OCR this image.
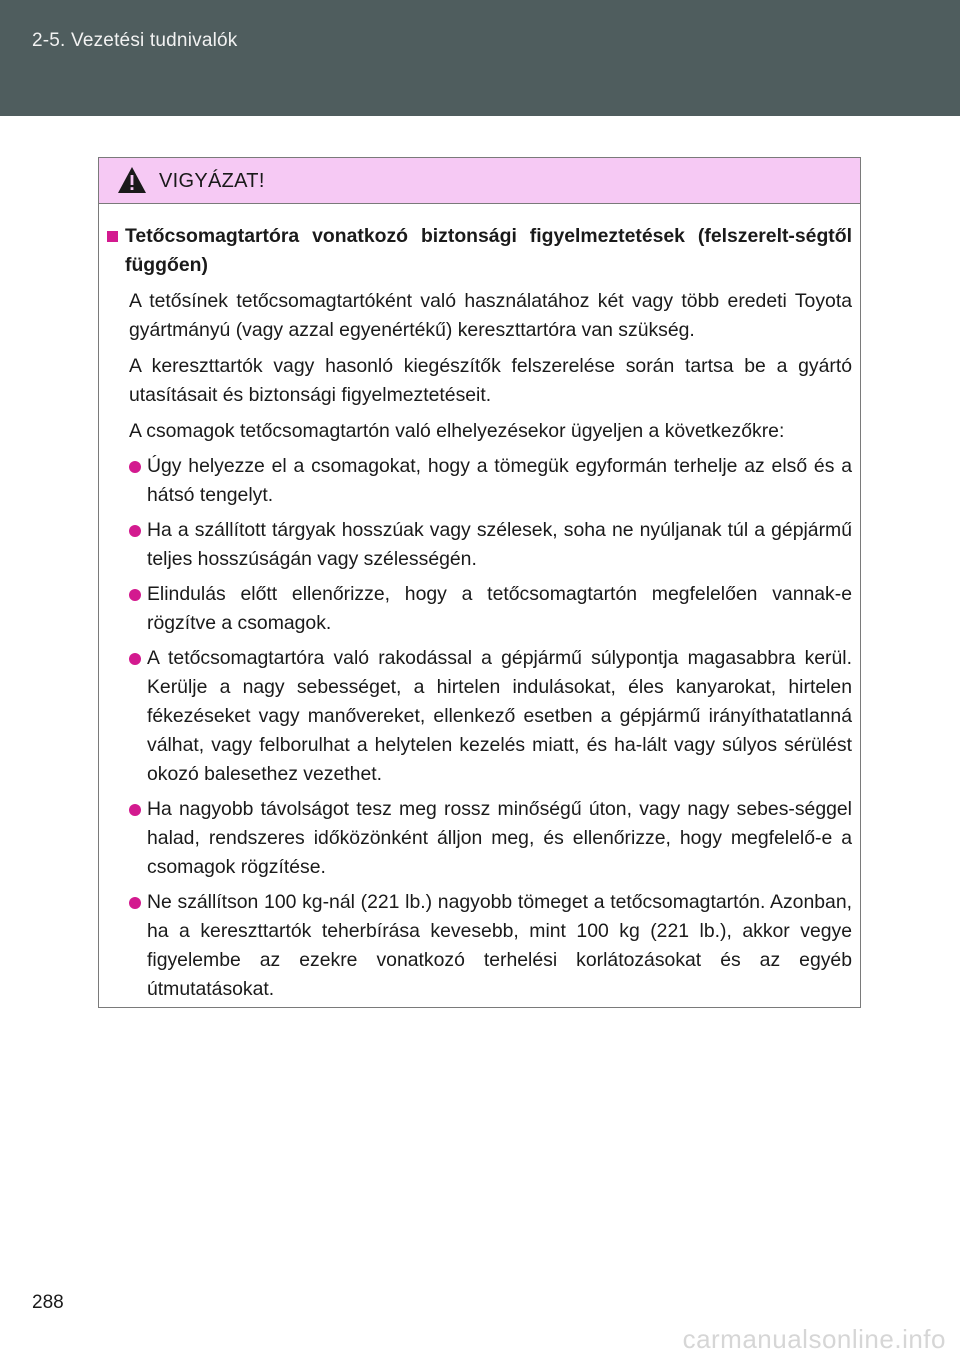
2-5. Vezetési tudnivalók
VIGYÁZAT!
Tetőcsomagtartóra vonatkozó biztonsági figyelmeztetések (felszerelt-ségtől függően)

A tetősínek tetőcsomagtartóként való használatához két vagy több eredeti Toyota gyártmányú (vagy azzal egyenértékű) kereszttartóra van szükség.

A kereszttartók vagy hasonló kiegészítők felszerelése során tartsa be a gyártó utasításait és biztonsági figyelmeztetéseit.

A csomagok tetőcsomagtartón való elhelyezésekor ügyeljen a következőkre:

Úgy helyezze el a csomagokat, hogy a tömegük egyformán terhelje az első és a hátsó tengelyt.
Ha a szállított tárgyak hosszúak vagy szélesek, soha ne nyúljanak túl a gépjármű teljes hosszúságán vagy szélességén.
Elindulás előtt ellenőrizze, hogy a tetőcsomagtartón megfelelően vannak-e rögzítve a csomagok.
A tetőcsomagtartóra való rakodással a gépjármű súlypontja magasabbra kerül. Kerülje a nagy sebességet, a hirtelen indulásokat, éles kanyarokat, hirtelen fékezéseket vagy manővereket, ellenkező esetben a gépjármű irányíthatatlanná válhat, vagy felborulhat a helytelen kezelés miatt, és ha-lált vagy súlyos sérülést okozó balesethez vezethet.
Ha nagyobb távolságot tesz meg rossz minőségű úton, vagy nagy sebes-séggel halad, rendszeres időközönként álljon meg, és ellenőrizze, hogy megfelelő-e a csomagok rögzítése.
Ne szállítson 100 kg-nál (221 lb.) nagyobb tömeget a tetőcsomagtartón. Azonban, ha a kereszttartók teherbírása kevesebb, mint 100 kg (221 lb.), akkor vegye figyelembe az ezekre vonatkozó terhelési korlátozásokat és az egyéb útmutatásokat.
288
carmanualsonline.info
